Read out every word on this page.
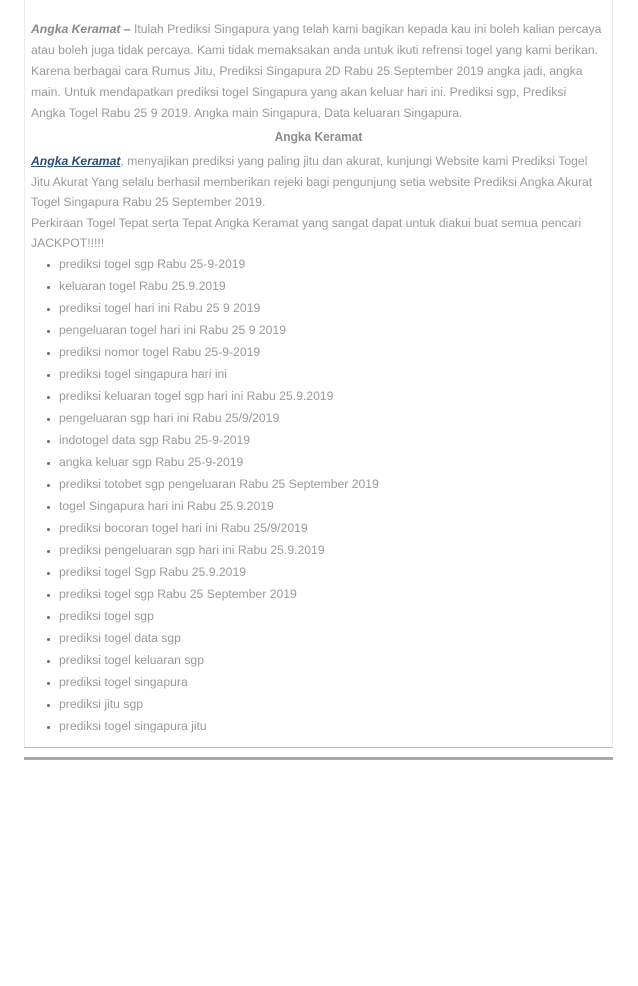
Angka Keramat – Itulah Prediksi Singapura yang telah kami bagikan kepada kau ini boleh kalian percaya atau boleh juga tidak percaya. Kami tidak memaksakan anda untuk ikuti refrensi togel yang kami berikan. Karena berbagai cara Rumus Jitu, Prediksi Singapura 2D Rabu 25 September 2019 angka jadi, angka main. Untuk mendapatkan prediksi togel Singapura yang akan keluar hari ini. Prediksi sgp, Prediksi Angka Togel Rabu 25 9 2019. Angka main Singapura, Data keluaran Singapura.

Angka Keramat
Angka Keramat, menyajikan prediksi yang paling jitu dan akurat, kunjungi Website kami Prediksi Togel Jitu Akurat Yang selalu berhasil memberikan rejeki bagi pengunjung setia website Prediksi Angka Akurat Togel Singapura Rabu 25 September 2019.
Perkiraan Togel Tepat serta Tepat Angka Keramat yang sangat dapat untuk diakui buat semua pencari JACKPOT!!!!!
• prediksi togel sgp Rabu 25-9-2019
• keluaran togel Rabu 25.9.2019
• prediksi togel hari ini Rabu 25 9 2019
• pengeluaran togel hari ini Rabu 25 9 2019
• prediksi nomor togel Rabu 25-9-2019
• prediksi togel singapura hari ini
• prediksi keluaran togel sgp hari ini Rabu 25.9.2019
• pengeluaran sgp hari ini Rabu 25/9/2019
• indotogel data sgp Rabu 25-9-2019
• angka keluar sgp Rabu 25-9-2019
• prediksi totobet sgp pengeluaran Rabu 25 September 2019
• togel Singapura hari ini Rabu 25.9.2019
• prediksi bocoran togel hari ini Rabu 25/9/2019
• prediksi pengeluaran sgp hari ini Rabu 25.9.2019
• prediksi togel Sgp Rabu 25.9.2019
• prediksi togel sgp Rabu 25 September 2019
• prediksi togel sgp
• prediksi togel data sgp
• prediksi togel keluaran sgp
• prediksi togel singapura
• prediksi jitu sgp
• prediksi togel singapura jitu
